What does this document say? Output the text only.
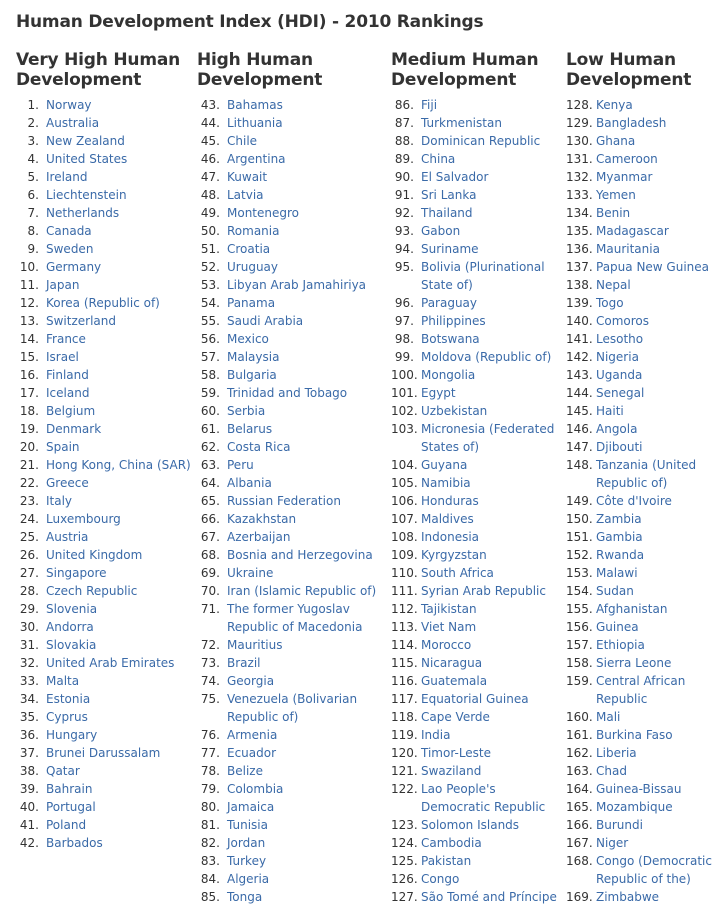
Human Development Index (HDI) - 2010 Rankings
Very High Human Development
1. Norway
2. Australia
3. New Zealand
4. United States
5. Ireland
6. Liechtenstein
7. Netherlands
8. Canada
9. Sweden
10. Germany
11. Japan
12. Korea (Republic of)
13. Switzerland
14. France
15. Israel
16. Finland
17. Iceland
18. Belgium
19. Denmark
20. Spain
21. Hong Kong, China (SAR)
22. Greece
23. Italy
24. Luxembourg
25. Austria
26. United Kingdom
27. Singapore
28. Czech Republic
29. Slovenia
30. Andorra
31. Slovakia
32. United Arab Emirates
33. Malta
34. Estonia
35. Cyprus
36. Hungary
37. Brunei Darussalam
38. Qatar
39. Bahrain
40. Portugal
41. Poland
42. Barbados
High Human Development
43. Bahamas
44. Lithuania
45. Chile
46. Argentina
47. Kuwait
48. Latvia
49. Montenegro
50. Romania
51. Croatia
52. Uruguay
53. Libyan Arab Jamahiriya
54. Panama
55. Saudi Arabia
56. Mexico
57. Malaysia
58. Bulgaria
59. Trinidad and Tobago
60. Serbia
61. Belarus
62. Costa Rica
63. Peru
64. Albania
65. Russian Federation
66. Kazakhstan
67. Azerbaijan
68. Bosnia and Herzegovina
69. Ukraine
70. Iran (Islamic Republic of)
71. The former Yugoslav Republic of Macedonia
72. Mauritius
73. Brazil
74. Georgia
75. Venezuela (Bolivarian Republic of)
76. Armenia
77. Ecuador
78. Belize
79. Colombia
80. Jamaica
81. Tunisia
82. Jordan
83. Turkey
84. Algeria
85. Tonga
Medium Human Development
86. Fiji
87. Turkmenistan
88. Dominican Republic
89. China
90. El Salvador
91. Sri Lanka
92. Thailand
93. Gabon
94. Suriname
95. Bolivia (Plurinational State of)
96. Paraguay
97. Philippines
98. Botswana
99. Moldova (Republic of)
100. Mongolia
101. Egypt
102. Uzbekistan
103. Micronesia (Federated States of)
104. Guyana
105. Namibia
106. Honduras
107. Maldives
108. Indonesia
109. Kyrgyzstan
110. South Africa
111. Syrian Arab Republic
112. Tajikistan
113. Viet Nam
114. Morocco
115. Nicaragua
116. Guatemala
117. Equatorial Guinea
118. Cape Verde
119. India
120. Timor-Leste
121. Swaziland
122. Lao People's Democratic Republic
123. Solomon Islands
124. Cambodia
125. Pakistan
126. Congo
127. São Tomé and Príncipe
Low Human Development
128. Kenya
129. Bangladesh
130. Ghana
131. Cameroon
132. Myanmar
133. Yemen
134. Benin
135. Madagascar
136. Mauritania
137. Papua New Guinea
138. Nepal
139. Togo
140. Comoros
141. Lesotho
142. Nigeria
143. Uganda
144. Senegal
145. Haiti
146. Angola
147. Djibouti
148. Tanzania (United Republic of)
149. Côte d'Ivoire
150. Zambia
151. Gambia
152. Rwanda
153. Malawi
154. Sudan
155. Afghanistan
156. Guinea
157. Ethiopia
158. Sierra Leone
159. Central African Republic
160. Mali
161. Burkina Faso
162. Liberia
163. Chad
164. Guinea-Bissau
165. Mozambique
166. Burundi
167. Niger
168. Congo (Democratic Republic of the)
169. Zimbabwe
